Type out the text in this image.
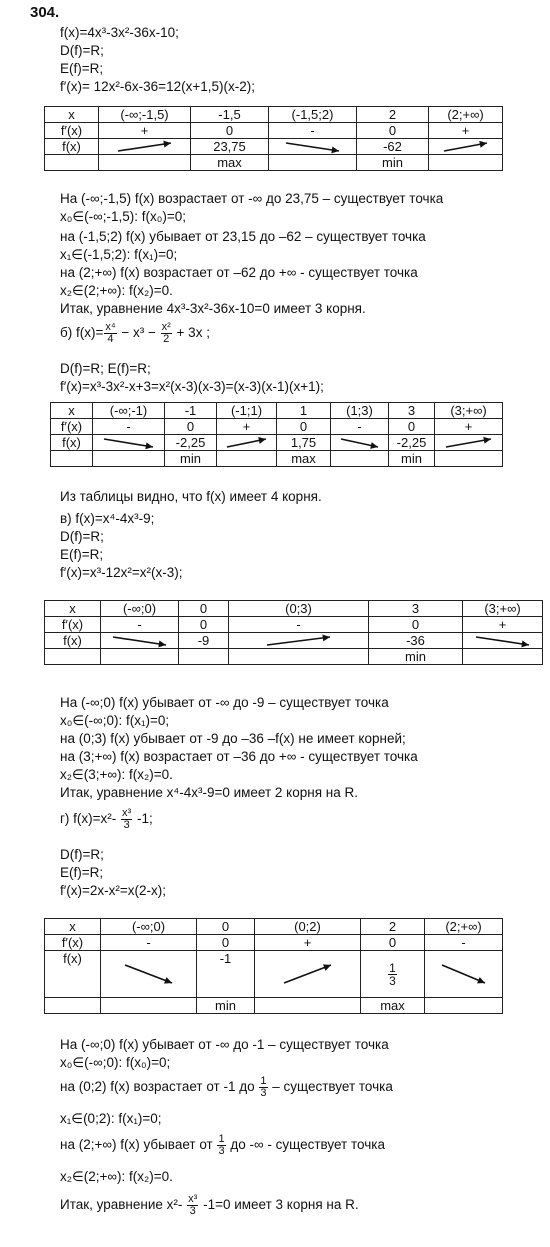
304.
f(x)=4x³-3x²-36x-10;
D(f)=R;
E(f)=R;
f′(x)= 12x²-6x-36=12(x+1,5)(x-2);
x	(-∞;-1,5)	-1,5	(-1,5;2)	2	(2;+∞)
f′(x)	+	0	-	0	+
f(x)		23,75		-62	

		max		min	
На (-∞;-1,5) f(x) возрастает от -∞ до 23,75 – существует точка
x₀∈(-∞;-1,5): f(x₀)=0;
на (-1,5;2) f(x) убывает от 23,15 до –62 – существует точка
x₁∈(-1,5;2): f(x₁)=0;
на (2;+∞) f(x) возрастает от –62 до +∞ - существует точка
x₂∈(2;+∞): f(x₂)=0.
Итак, уравнение 4x³-3x²-36x-10=0 имеет 3 корня.
б) $f(x)= \frac{\text{x⁴}}{4} - x^3 - \frac{\text{x²}}{2} + 3x$ ;
D(f)=R; E(f)=R;
f′(x)=x³-3x²-x+3=x²(x-3)(x-3)=(x-3)(x-1)(x+1);
x	(-∞;-1)	-1	(-1;1)	1	(1;3)	3	(3;+∞)
f′(x)	-	0	+	0	-	0	+
f(x)		-2,25		1,75		-2,25	

		min		max		min	
Из таблицы видно, что f(x) имеет 4 корня.
в) f(x)=x⁴-4x³-9;
D(f)=R;
E(f)=R;
f′(x)=x³-12x²=x²(x-3);
x	(-∞;0)	0	(0;3)	3	(3;+∞)
f′(x)	-	0	-	0	+
f(x)		-9		-36	

				min	
На (-∞;0) f(x) убывает от -∞ до -9 – существует точка
x₀∈(-∞;0): f(x₁)=0;
на (0;3) f(x) убывает от -9 до –36 –f(x) не имеет корней;
на (3;+∞) f(x) возрастает от –36 до +∞ - существует точка
x₂∈(3;+∞): f(x₂)=0.
Итак, уравнение x⁴-4x³-9=0 имеет 2 корня на R.
г) $f(x)=x^2- \frac{\text{x³}}{3} -1$;
D(f)=R;
E(f)=R;
f′(x)=2x-x²=x(2-x);
x	(-∞;0)	0	(0;2)	2	(2;+∞)
f′(x)	-	0	+	0	-
f(x)		-1		$\frac{1}{3}$

		min		max	
На (-∞;0) f(x) убывает от -∞ до -1 – существует точка
x₀∈(-∞;0): f(x₀)=0;
на (0;2) f(x) возрастает от -1 до $\frac{1}{3}$ – существует точка
x₁∈(0;2): f(x₁)=0;
на (2;+∞) f(x) убывает от $\frac{1}{3}$ до -∞ - существует точка
x₂∈(2;+∞): f(x₂)=0.
Итак, уравнение $x^2- \frac{\text{x³}}{3} -1=0$ имеет 3 корня на R.
